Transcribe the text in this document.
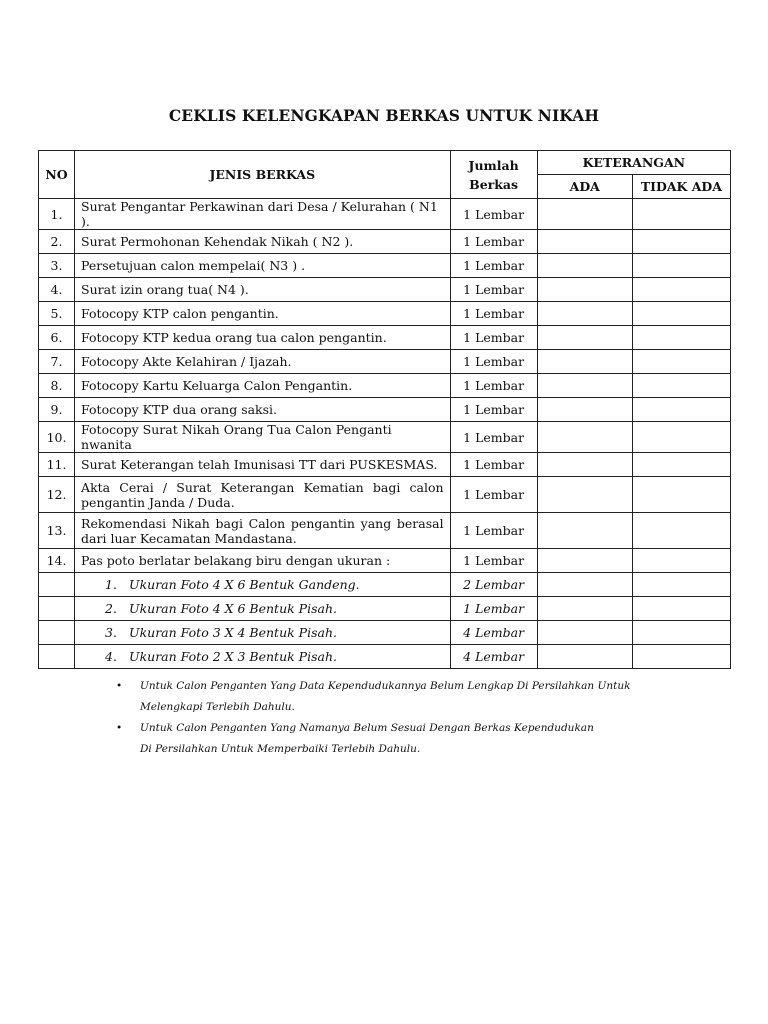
CEKLIS KELENGKAPAN BERKAS UNTUK NIKAH
NO	JENIS BERKAS	Jumlah Berkas	KETERANGAN	
			ADA	TIDAK ADA
1.	Surat Pengantar Perkawinan dari Desa / Kelurahan ( N1 ).	1 Lembar		
2.	Surat Permohonan Kehendak Nikah ( N2 ).	1 Lembar		
3.	Persetujuan calon mempelai( N3 ) .	1 Lembar		
4.	Surat izin orang tua( N4 ).	1 Lembar		
5.	Fotocopy KTP calon pengantin.	1 Lembar		
6.	Fotocopy KTP kedua orang tua calon pengantin.	1 Lembar		
7.	Fotocopy Akte Kelahiran / Ijazah.	1 Lembar		
8.	Fotocopy Kartu Keluarga Calon Pengantin.	1 Lembar		
9.	Fotocopy KTP dua orang saksi.	1 Lembar		
10.	Fotocopy Surat Nikah Orang Tua Calon Penganti nwanita	1 Lembar		
11.	Surat Keterangan telah Imunisasi TT dari PUSKESMAS.	1 Lembar		
12.	Akta Cerai / Surat Keterangan Kematian bagi calon pengantin Janda / Duda.	1 Lembar		
13.	Rekomendasi Nikah bagi Calon pengantin yang berasal dari luar Kecamatan Mandastana.	1 Lembar		
14.	Pas poto berlatar belakang biru dengan ukuran :	1 Lembar		
	1. Ukuran Foto 4 X 6 Bentuk Gandeng.	2 Lembar		
	2. Ukuran Foto 4 X 6 Bentuk Pisah.	1 Lembar		
	3. Ukuran Foto 3 X 4 Bentuk Pisah.	4 Lembar		
	4. Ukuran Foto 2 X 3 Bentuk Pisah.	4 Lembar		
• Untuk Calon Penganten Yang Data Kependudukannya Belum Lengkap Di Persilahkan Untuk
Melengkapi Terlebih Dahulu.
• Untuk Calon Penganten Yang Namanya Belum Sesuai Dengan Berkas Kependudukan
Di Persilahkan Untuk Memperbaiki Terlebih Dahulu.
